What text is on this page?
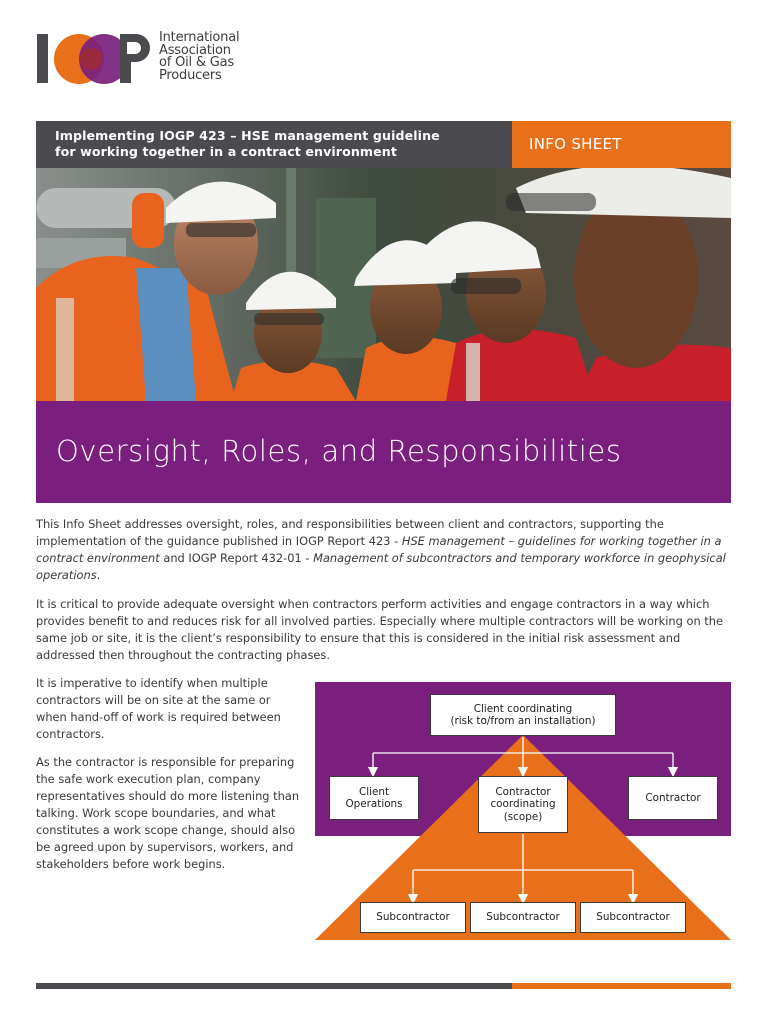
International
Association
of Oil & Gas
Producers
Implementing IOGP 423 – HSE management guideline
for working together in a contract environment	INFO SHEET
Oversight, Roles, and Responsibilities
This Info Sheet addresses oversight, roles, and responsibilities between client and contractors, supporting the implementation of the guidance published in IOGP Report 423 - HSE management – guidelines for working together in a contract environment and IOGP Report 432-01 - Management of subcontractors and temporary workforce in geophysical operations.
It is critical to provide adequate oversight when contractors perform activities and engage contractors in a way which provides benefit to and reduces risk for all involved parties. Especially where multiple contractors will be working on the same job or site, it is the client’s responsibility to ensure that this is considered in the initial risk assessment and addressed then throughout the contracting phases.
It is imperative to identify when multiple contractors will be on site at the same or when hand-off of work is required between contractors.
As the contractor is responsible for preparing the safe work execution plan, company representatives should do more listening than talking. Work scope boundaries, and what constitutes a work scope change, should also be agreed upon by supervisors, workers, and stakeholders before work begins.
Client coordinating
(risk to/from an installation)
Client
Operations
Contractor
coordinating
(scope)
Contractor
Subcontractor	Subcontractor	Subcontractor
